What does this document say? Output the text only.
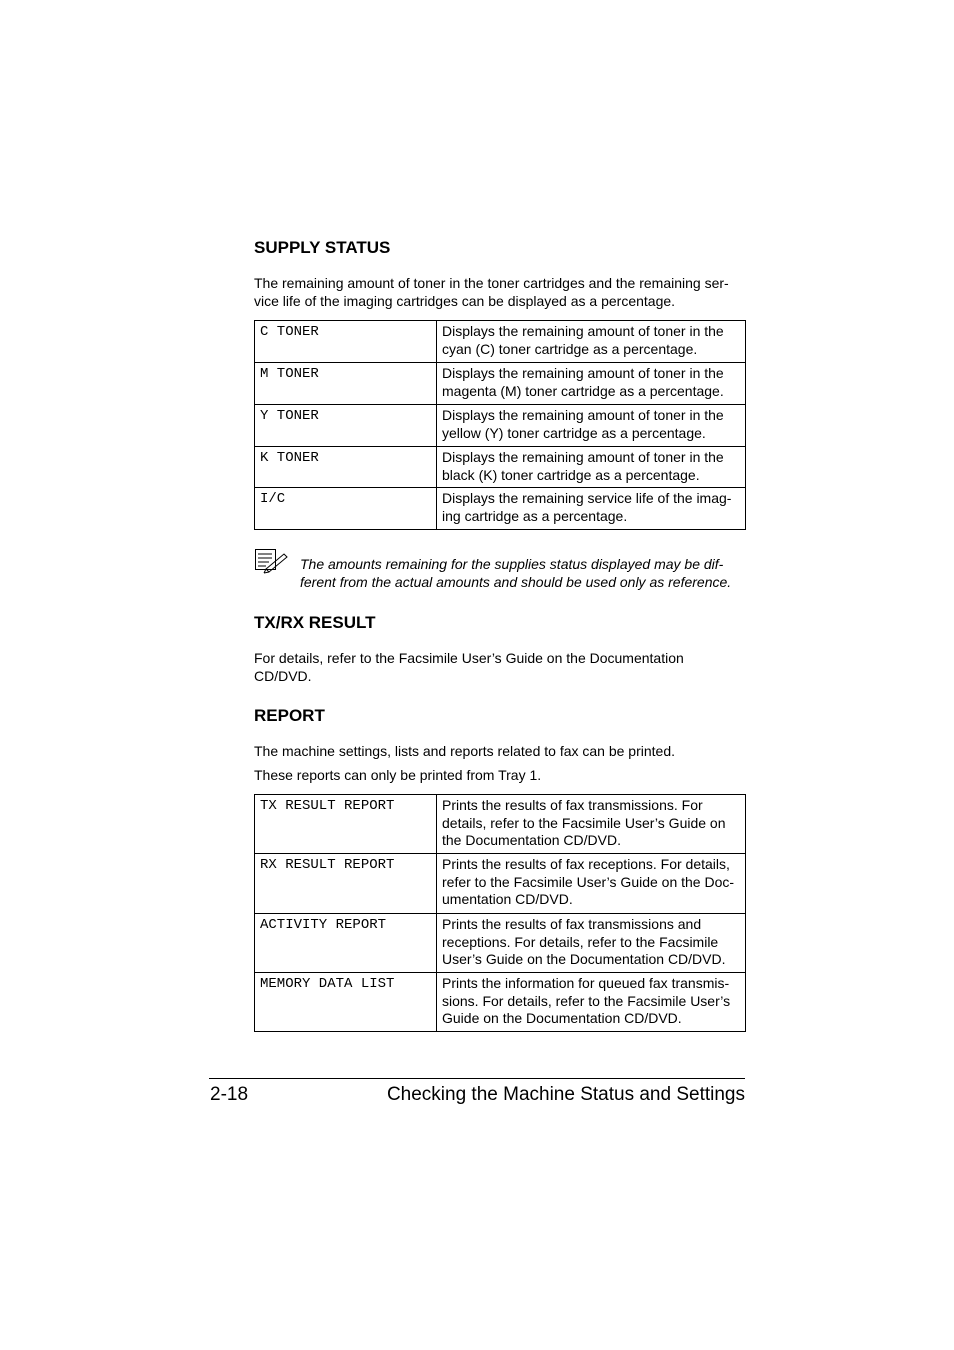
SUPPLY STATUS

The remaining amount of toner in the toner cartridges and the remaining ser-
vice life of the imaging cartridges can be displayed as a percentage.

C TONER	Displays the remaining amount of toner in the
cyan (C) toner cartridge as a percentage.
M TONER	Displays the remaining amount of toner in the
magenta (M) toner cartridge as a percentage.
Y TONER	Displays the remaining amount of toner in the
yellow (Y) toner cartridge as a percentage.
K TONER	Displays the remaining amount of toner in the
black (K) toner cartridge as a percentage.
I/C	Displays the remaining service life of the imag-
ing cartridge as a percentage.
The amounts remaining for the supplies status displayed may be dif-
ferent from the actual amounts and should be used only as reference.
TX/RX RESULT

For details, refer to the Facsimile User’s Guide on the Documentation
CD/DVD.

REPORT

The machine settings, lists and reports related to fax can be printed.

These reports can only be printed from Tray 1.

TX RESULT REPORT	Prints the results of fax transmissions. For
details, refer to the Facsimile User’s Guide on
the Documentation CD/DVD.
RX RESULT REPORT	Prints the results of fax receptions. For details,
refer to the Facsimile User’s Guide on the Doc-
umentation CD/DVD.
ACTIVITY REPORT	Prints the results of fax transmissions and
receptions. For details, refer to the Facsimile
User’s Guide on the Documentation CD/DVD.
MEMORY DATA LIST	Prints the information for queued fax transmis-
sions. For details, refer to the Facsimile User’s
Guide on the Documentation CD/DVD.
2-18	Checking the Machine Status and Settings
